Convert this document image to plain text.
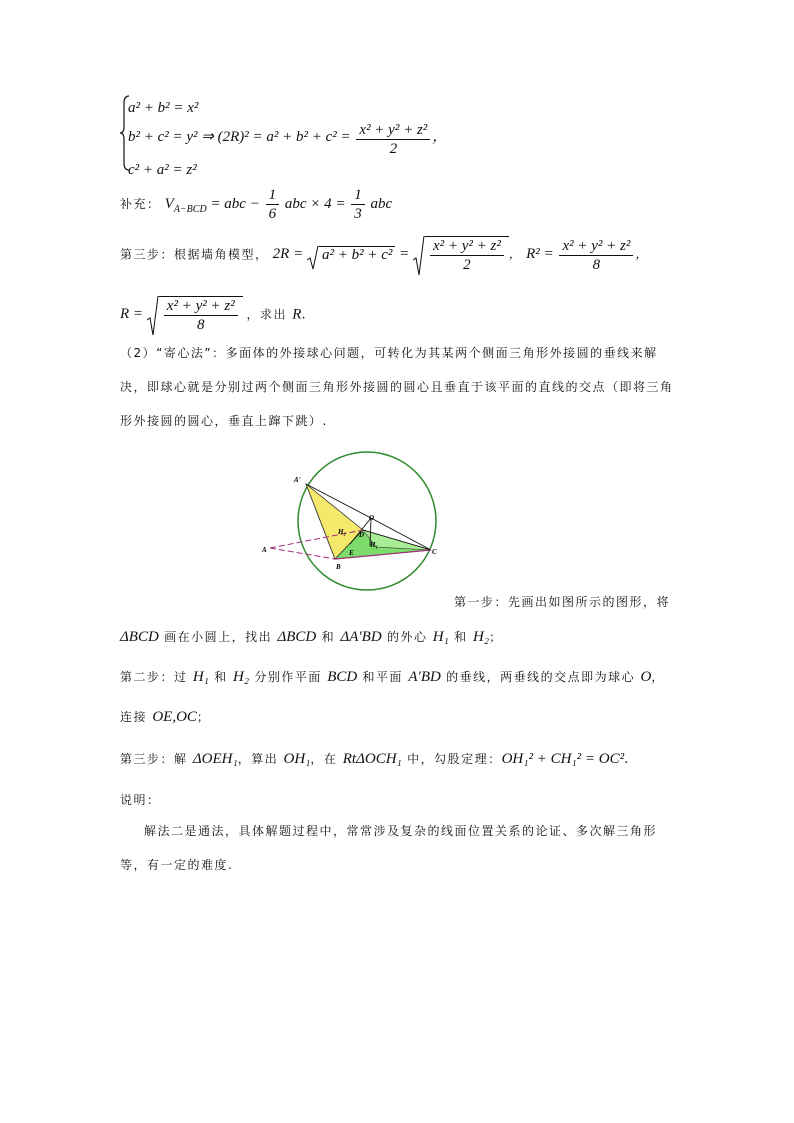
a² + b² = x²
b² + c² = y² ⇒ $(2R)^2 = a^2 + b^2 + c^2 = \frac{\text{x² + y² + z²}}{2}$ ，
c² + a² = z²
补充： $V_{A-BCD}$ = abc − $\frac{1}{6}$ abc × $4 = \frac{1}{3}$ abc
第三步：根据墙角模型， 2R =
$a^2 + b^2 + c^2 = \frac{\text{x² + y² + z²}}{2}$ ， $R^2 = \frac{\text{x² + y² + z²}}{8}$ ，
$R = \frac{\text{x² + y² + z²}}{8}$ ，求出 R.
（2）“寄心法”：多面体的外接球心问题，可转化为其某两个侧面三角形外接圆的垂线来解决，即球心就是分别过两个侧面三角形外接圆的圆心且垂直于该平面的直线的交点（即将三角形外接圆的圆心，垂直上蹿下跳）.
A'
A
O
H₂ D
H₁
E
B
C
第一步：先画出如图所示的图形，将
ΔBCD 画在小圆上，找出 ΔBCD 和 ΔA′BD 的外心 H₁ 和 H₂；
第二步：过 H₁ 和 H₂ 分别作平面 BCD 和平面 A′BD 的垂线，两垂线的交点即为球心 O，
连接 OE,OC；
第三步：解 ΔOEH₁，算出 OH₁，在 RtΔOCH₁ 中，勾股定理：OH₁² + CH₁² = OC².
说明：
解法二是通法，具体解题过程中，常常涉及复杂的线面位置关系的论证、多次解三角形等，有一定的难度.
